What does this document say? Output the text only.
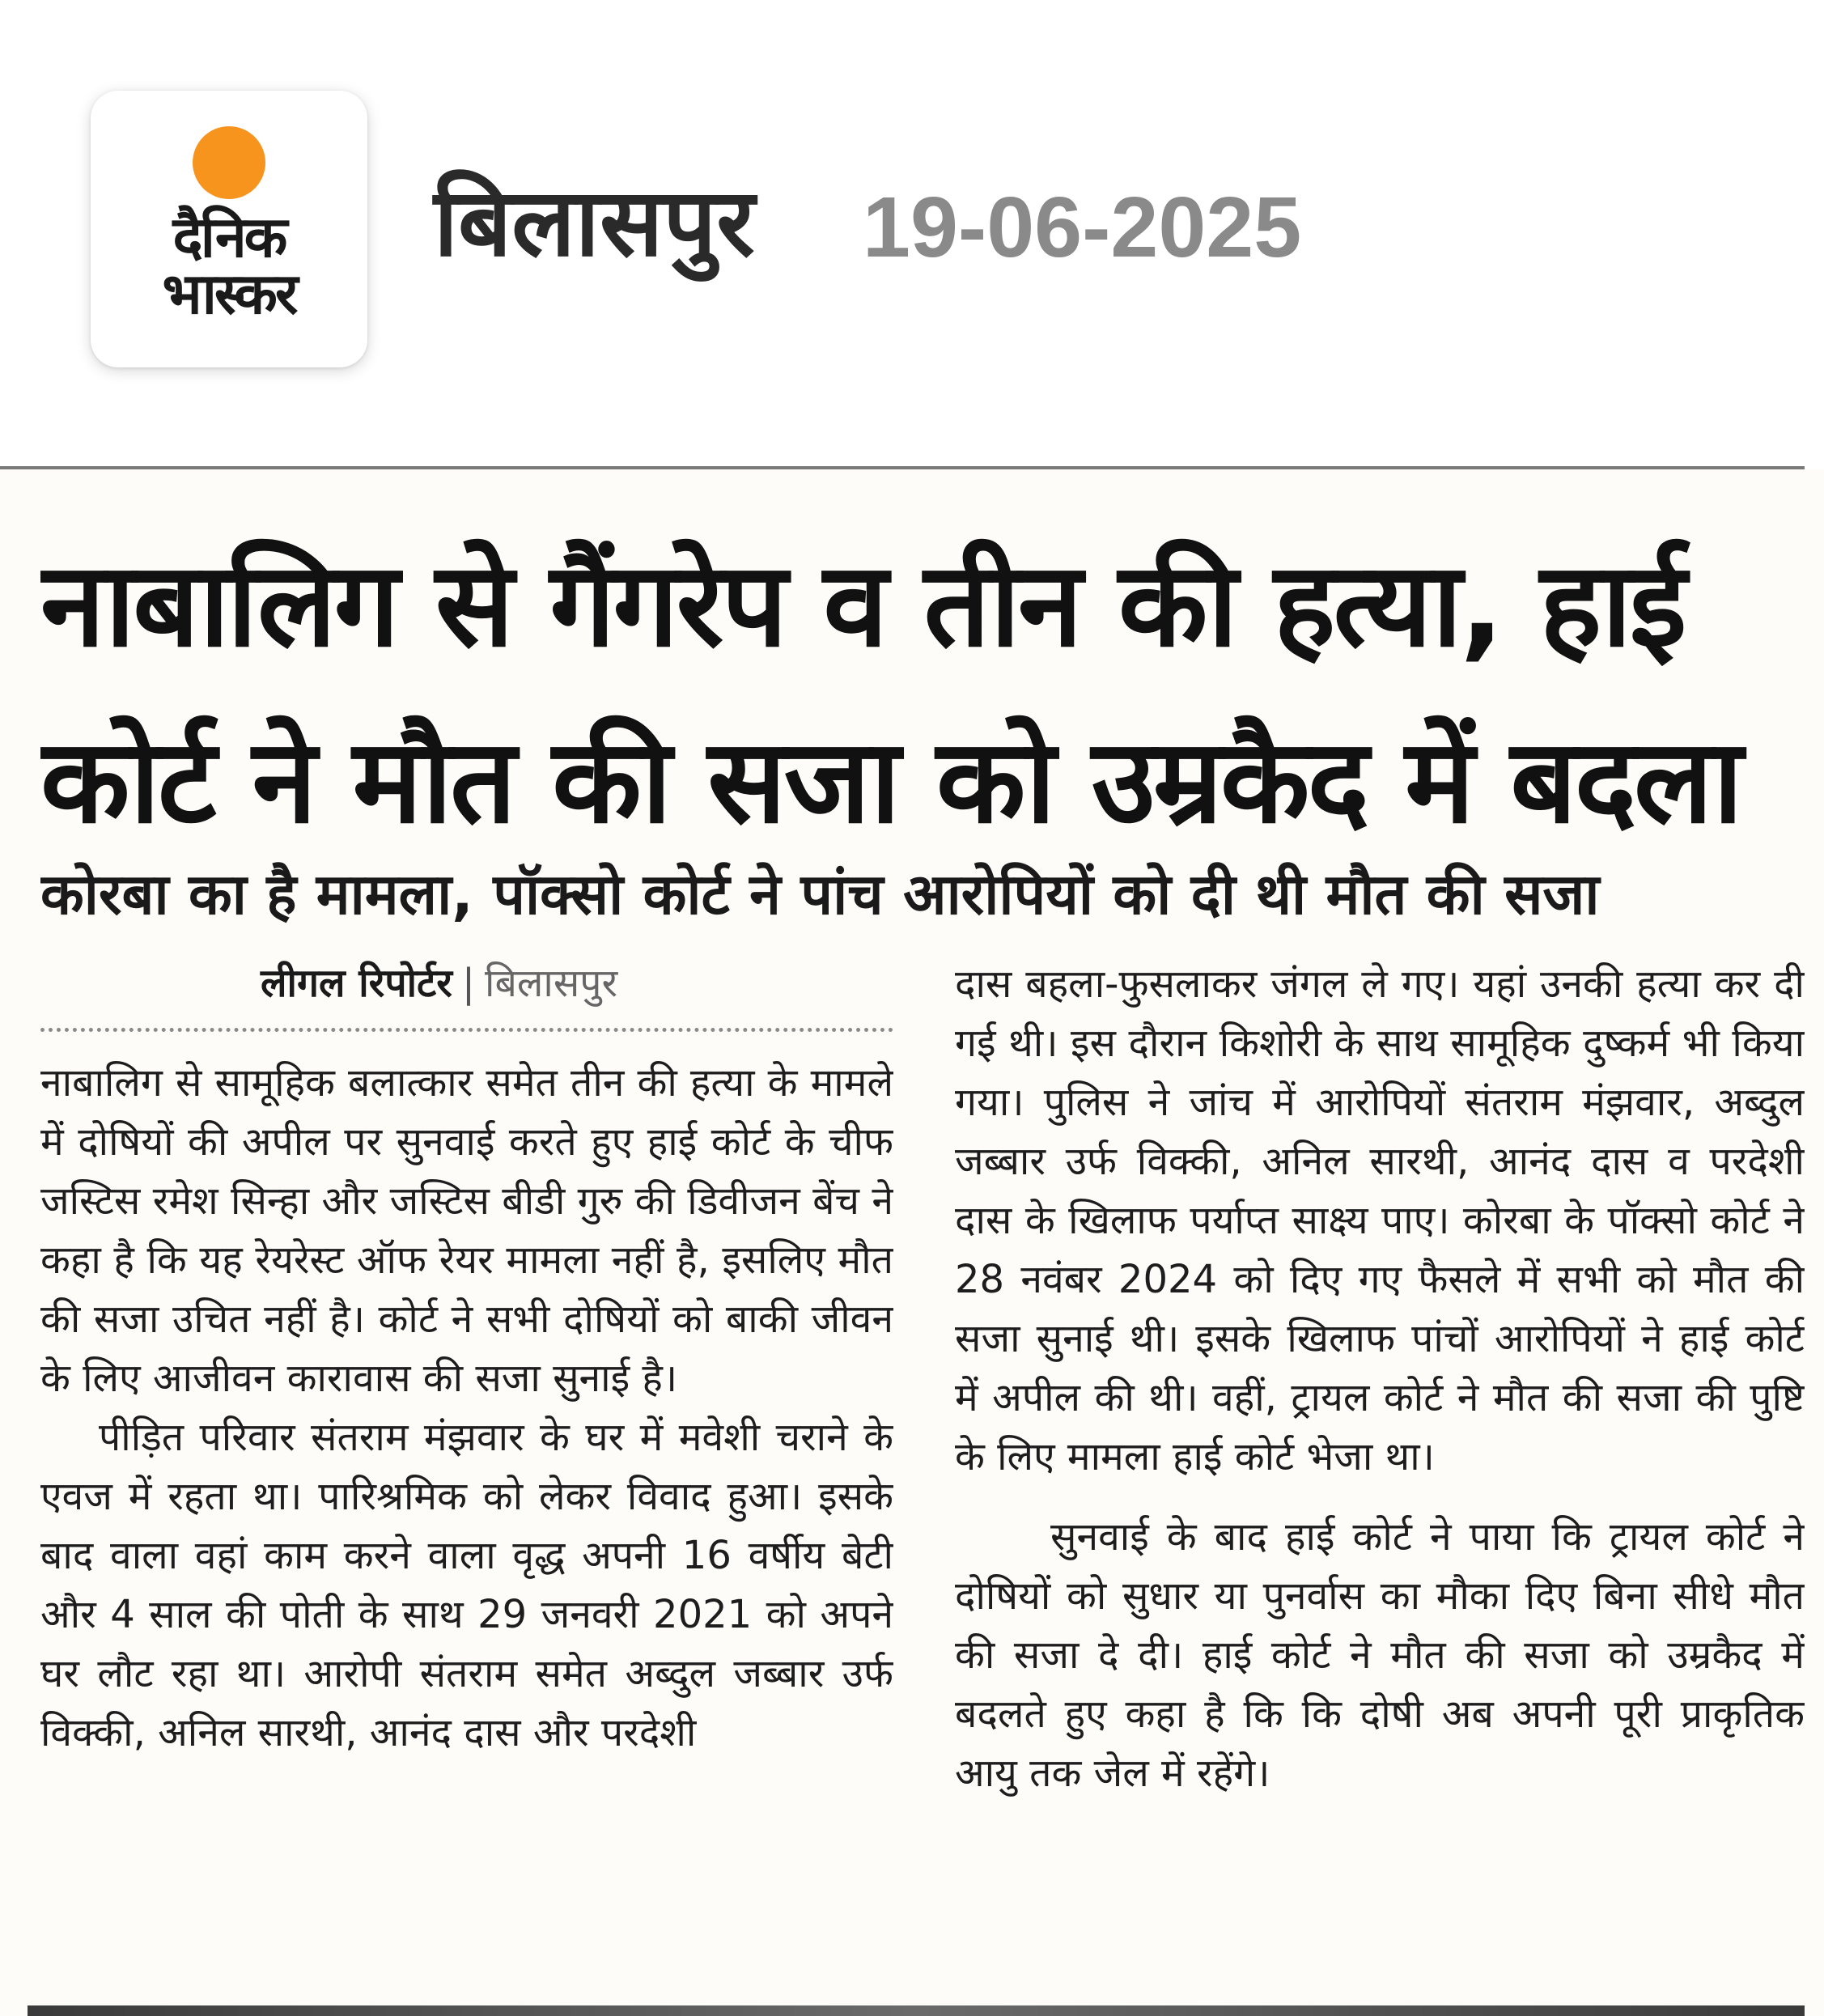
दैनिक
भास्कर
बिलासपुर 19-06-2025
नाबालिग से गैंगरेप व तीन की हत्या, हाई
कोर्ट ने मौत की सजा को उम्रकैद में बदला
कोरबा का है मामला, पॉक्सो कोर्ट ने पांच आरोपियों को दी थी मौत की सजा
लीगल रिपोर्टर | बिलासपुर

नाबालिग से सामूहिक बलात्कार समेत तीन की हत्या के मामले में दोषियों की अपील पर सुनवाई करते हुए हाई कोर्ट के चीफ जस्टिस रमेश सिन्हा और जस्टिस बीडी गुरु की डिवीजन बेंच ने कहा है कि यह रेयरेस्ट ऑफ रेयर मामला नहीं है, इसलिए मौत की सजा उचित नहीं है। कोर्ट ने सभी दोषियों को बाकी जीवन के लिए आजीवन कारावास की सजा सुनाई है।

पीड़ित परिवार संतराम मंझवार के घर में मवेशी चराने के एवज में रहता था। पारिश्रमिक को लेकर विवाद हुआ। इसके बाद वाला वहां काम करने वाला वृद्ध अपनी 16 वर्षीय बेटी और 4 साल की पोती के साथ 29 जनवरी 2021 को अपने घर लौट रहा था। आरोपी संतराम समेत अब्दुल जब्बार उर्फ विक्की, अनिल सारथी, आनंद दास और परदेशी

दास बहला-फुसलाकर जंगल ले गए। यहां उनकी हत्या कर दी गई थी। इस दौरान किशोरी के साथ सामूहिक दुष्कर्म भी किया गया। पुलिस ने जांच में आरोपियों संतराम मंझवार, अब्दुल जब्बार उर्फ विक्की, अनिल सारथी, आनंद दास व परदेशी दास के खिलाफ पर्याप्त साक्ष्य पाए। कोरबा के पॉक्सो कोर्ट ने 28 नवंबर 2024 को दिए गए फैसले में सभी को मौत की सजा सुनाई थी। इसके खिलाफ पांचों आरोपियों ने हाई कोर्ट में अपील की थी। वहीं, ट्रायल कोर्ट ने मौत की सजा की पुष्टि के लिए मामला हाई कोर्ट भेजा था।

सुनवाई के बाद हाई कोर्ट ने पाया कि ट्रायल कोर्ट ने दोषियों को सुधार या पुनर्वास का मौका दिए बिना सीधे मौत की सजा दे दी। हाई कोर्ट ने मौत की सजा को उम्रकैद में बदलते हुए कहा है कि कि दोषी अब अपनी पूरी प्राकृतिक आयु तक जेल में रहेंगे।
